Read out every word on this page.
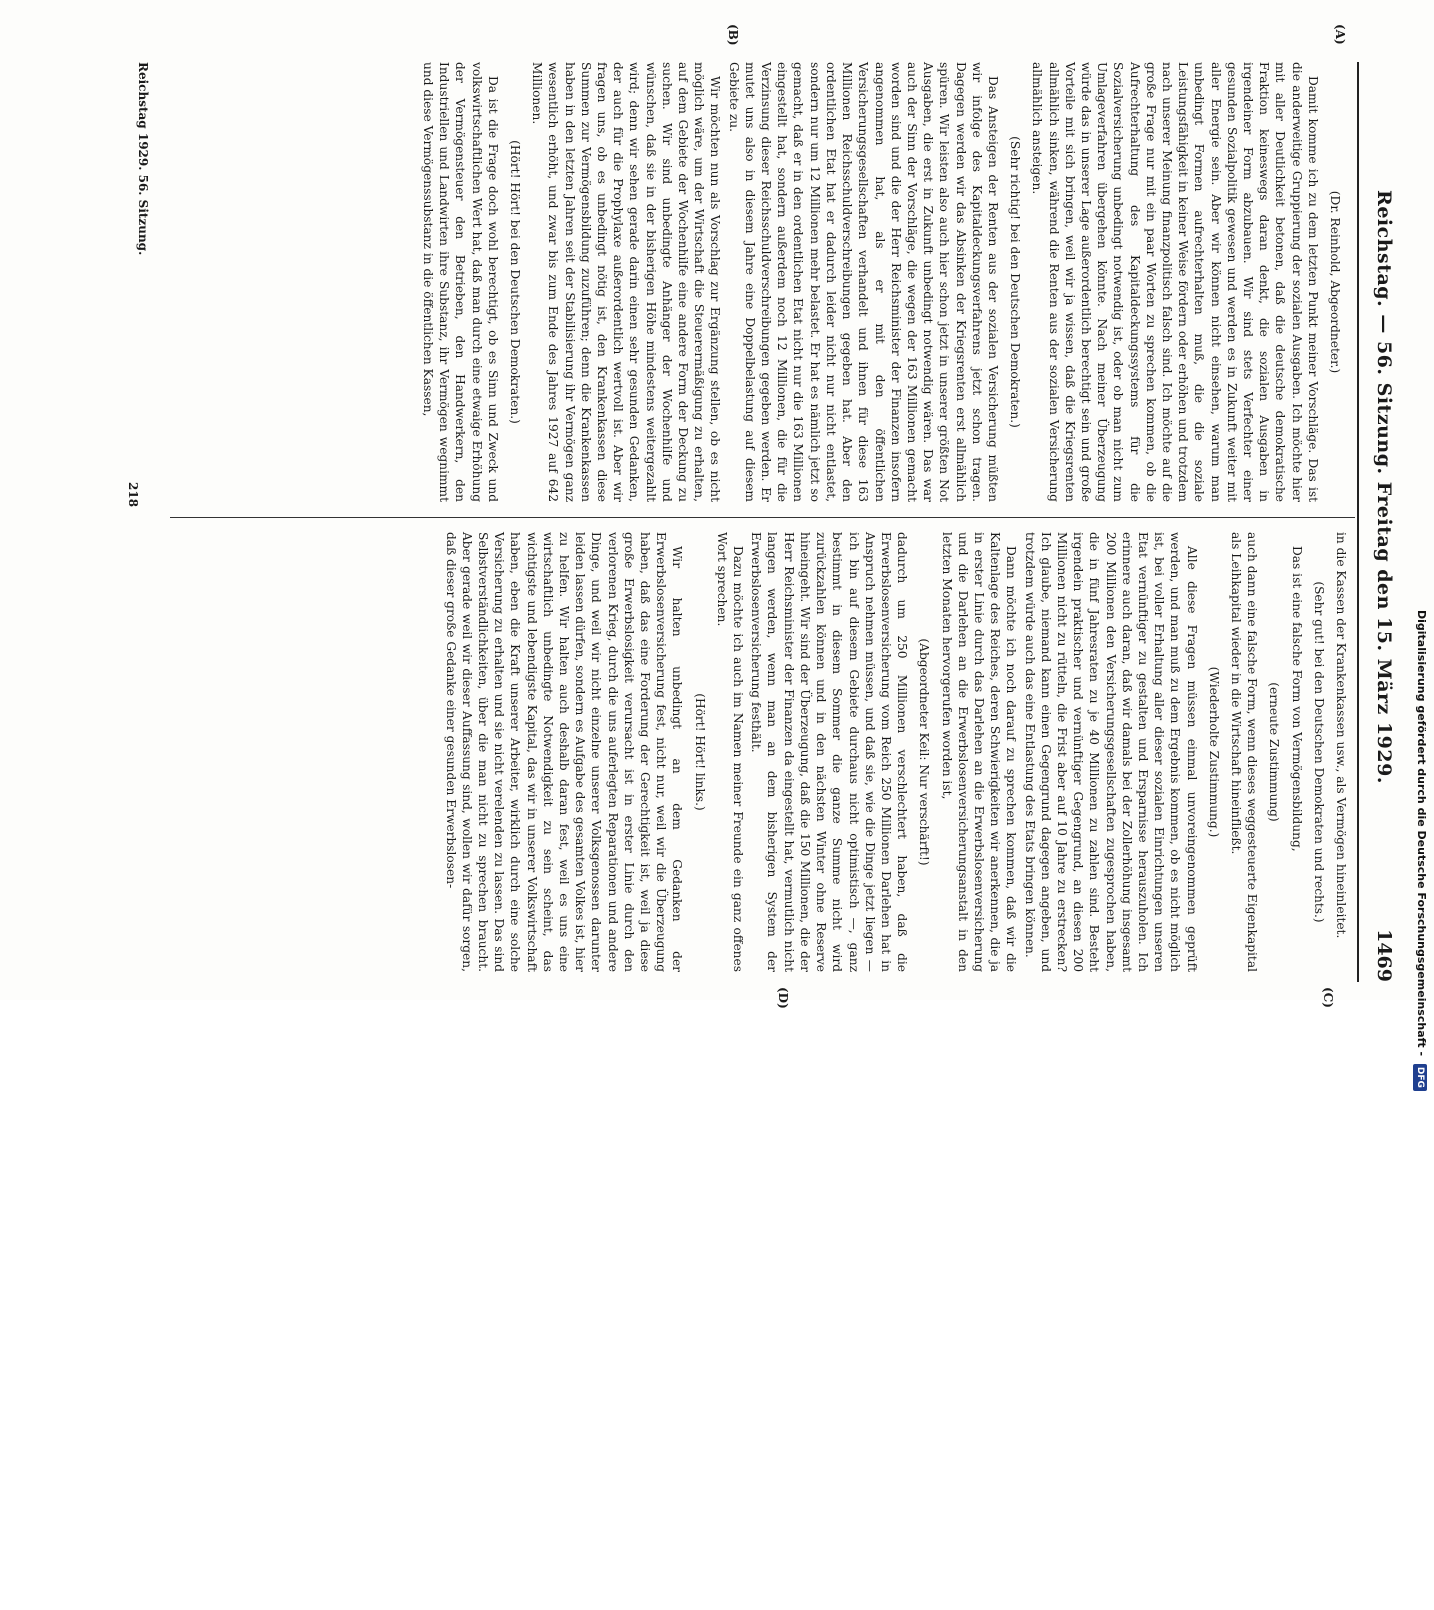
Reichstag. — 56. Sitzung. Freitag den 15. März 1929.
1469
(A)
(B)
(C)
(D)

(Dr. Reinhold, Abgeordneter.)

Damit komme ich zu dem letzten Punkt meiner Vorschläge. Das ist die anderweitige Gruppierung der sozialen Ausgaben. Ich möchte hier mit aller Deutlichkeit betonen, daß die deutsche demokratische Fraktion keineswegs daran denkt, die sozialen Ausgaben in irgendeiner Form abzubauen. Wir sind stets Verfechter einer gesunden Sozialpolitik gewesen und werden es in Zukunft weiter mit aller Energie sein. Aber wir können nicht einsehen, warum man unbedingt Formen aufrechterhalten muß, die die soziale Leistungsfähigkeit in keiner Weise fördern oder erhöhen und trotzdem nach unserer Meinung finanzpolitisch falsch sind. Ich möchte auf die große Frage nur mit ein paar Worten zu sprechen kommen, ob die Aufrechterhaltung des Kapitaldeckungssystems für die Sozialversicherung unbedingt notwendig ist, oder ob man nicht zum Umlageverfahren übergehen könnte. Nach meiner Überzeugung würde das in unserer Lage außerordentlich berechtigt sein und große Vorteile mit sich bringen, weil wir ja wissen, daß die Kriegsrenten allmählich sinken, während die Renten aus der sozialen Versicherung allmählich ansteigen.

(Sehr richtig! bei den Deutschen Demokraten.)

Das Ansteigen der Renten aus der sozialen Versicherung müßten wir infolge des Kapitaldeckungsverfahrens jetzt schon tragen. Dagegen werden wir das Absinken der Kriegsrenten erst allmählich spüren. Wir leisten also auch hier schon jetzt in unserer größten Not Ausgaben, die erst in Zukunft unbedingt notwendig wären. Das war auch der Sinn der Vorschläge, die wegen der 163 Millionen gemacht worden sind und die der Herr Reichsminister der Finanzen insofern angenommen hat, als er mit den öffentlichen Versicherungsgesellschaften verhandelt und ihnen für diese 163 Millionen Reichsschuldverschreibungen gegeben hat. Aber den ordentlichen Etat hat er dadurch leider nicht nur nicht entlastet, sondern nur um 12 Millionen mehr belastet. Er hat es nämlich jetzt so gemacht, daß er in den ordentlichen Etat nicht nur die 163 Millionen eingestellt hat, sondern außerdem noch 12 Millionen, die für die Verzinsung dieser Reichsschuldverschreibungen gegeben werden. Er mutet uns also in diesem Jahre eine Doppelbelastung auf diesem Gebiete zu.

Wir möchten nun als Vorschlag zur Ergänzung stellen, ob es nicht möglich wäre, um der Wirtschaft die Steuerermäßigung zu erhalten, auf dem Gebiete der Wochenhilfe eine andere Form der Deckung zu suchen. Wir sind unbedingte Anhänger der Wochenhilfe und wünschen, daß sie in der bisherigen Höhe mindestens weitergezahlt wird; denn wir sehen gerade darin einen sehr gesunden Gedanken, der auch für die Prophylaxe außerordentlich wertvoll ist. Aber wir fragen uns, ob es unbedingt nötig ist, den Krankenkassen diese Summen zur Vermögensbildung zuzuführen; denn die Krankenkassen haben in den letzten Jahren seit der Stabilisierung ihr Vermögen ganz wesentlich erhöht, und zwar bis zum Ende des Jahres 1927 auf 642 Millionen.

(Hört! Hört! bei den Deutschen Demokraten.)

Da ist die Frage doch wohl berechtigt, ob es Sinn und Zweck und volkswirtschaftlichen Wert hat, daß man durch eine etwaige Erhöhung der Vermögensteuer den Betrieben, den Handwerkern, den Industriellen und Landwirten ihre Substanz, ihr Vermögen wegnimmt und diese Vermögenssubstanz in die öffentlichen Kassen,

in die Kassen der Krankenkassen usw., als Vermögen hineinleitet.

(Sehr gut! bei den Deutschen Demokraten und rechts.)

Das ist eine falsche Form von Vermögensbildung,

(erneute Zustimmung)

auch dann eine falsche Form, wenn dieses weggesteuerte Eigenkapital als Leihkapital wieder in die Wirtschaft hineinfließt.

(Wiederholte Zustimmung.)

Alle diese Fragen müssen einmal unvoreingenommen geprüft werden, und man muß zu dem Ergebnis kommen, ob es nicht möglich ist, bei voller Erhaltung aller dieser sozialen Einrichtungen unseren Etat vernünftiger zu gestalten und Ersparnisse herauszuholen. Ich erinnere auch daran, daß wir damals bei der Zollerhöhung insgesamt 200 Millionen den Versicherungsgesellschaften zugesprochen haben, die in fünf Jahresraten zu je 40 Millionen zu zahlen sind. Besteht irgendein praktischer und vernünftiger Gegengrund, an diesen 200 Millionen nicht zu rütteln, die Frist aber auf 10 Jahre zu erstrecken? Ich glaube, niemand kann einen Gegengrund dagegen angeben, und trotzdem würde auch das eine Entlastung des Etats bringen können.

Dann möchte ich noch darauf zu sprechen kommen, daß wir die Kaltenlage des Reiches, deren Schwierigkeiten wir anerkennen, die ja in erster Linie durch das Darlehen an die Erwerbslosenversicherung und die Darlehen an die Erwerbslosenversicherungsanstalt in den letzten Monaten hervorgerufen worden ist,

(Abgeordneter Keil: Nur verschärft!)

dadurch um 250 Millionen verschlechtert haben, daß die Erwerbslosenversicherung vom Reich 250 Millionen Darlehen hat in Anspruch nehmen müssen, und daß sie, wie die Dinge jetzt liegen — ich bin auf diesem Gebiete durchaus nicht optimistisch —, ganz bestimmt in diesem Sommer die ganze Summe nicht wird zurückzahlen können und in den nächsten Winter ohne Reserve hineingeht. Wir sind der Überzeugung, daß die 150 Millionen, die der Herr Reichsminister der Finanzen da eingestellt hat, vermutlich nicht langen werden, wenn man an dem bisherigen System der Erwerbslosenversicherung festhält.

Dazu möchte ich auch im Namen meiner Freunde ein ganz offenes Wort sprechen.

(Hört! Hört! links.)

Wir halten unbedingt an dem Gedanken der Erwerbslosenversicherung fest, nicht nur, weil wir die Überzeugung haben, daß das eine Forderung der Gerechtigkeit ist, weil ja diese große Erwerbslosigkeit verursacht ist in erster Linie durch den verlorenen Krieg, durch die uns auferlegten Reparationen und andere Dinge, und weil wir nicht einzelne unserer Volksgenossen darunter leiden lassen dürfen, sondern es Aufgabe des gesamten Volkes ist, hier zu helfen. Wir halten auch deshalb daran fest, weil es uns eine wirtschaftlich unbedingte Notwendigkeit zu sein scheint, das wichtigste und lebendigste Kapital, das wir in unserer Volkswirtschaft haben, eben die Kraft unserer Arbeiter, wirklich durch eine solche Versicherung zu erhalten und sie nicht verelenden zu lassen. Das sind Selbstverständlichkeiten, über die man nicht zu sprechen braucht. Aber gerade weil wir dieser Auffassung sind, wollen wir dafür sorgen, daß dieser große Gedanke einer gesunden Erwerbslosen-

Reichstag 1929. 56. Sitzung.
218
Digitalisierung gefördert durch die Deutsche Forschungsgemeinschaft - DFG
